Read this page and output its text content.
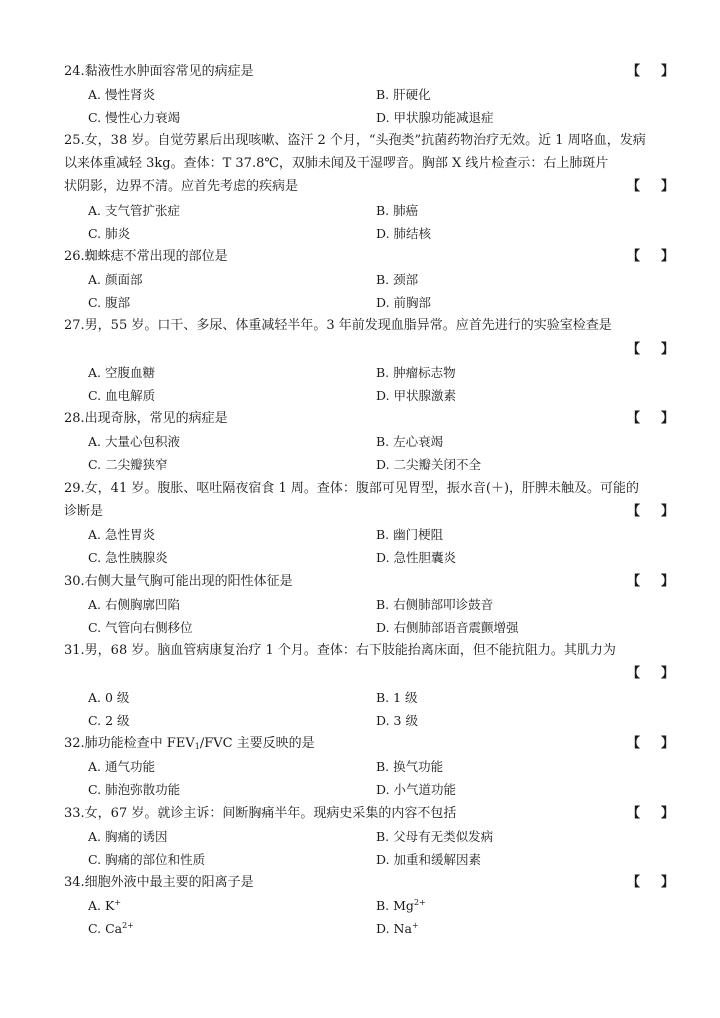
24.黏液性水肿面容常见的病症是	【 】
A. 慢性肾炎	B. 肝硬化
C. 慢性心力衰竭	D. 甲状腺功能减退症
25.女，38 岁。自觉劳累后出现咳嗽、盗汗 2 个月，“头孢类”抗菌药物治疗无效。近 1 周咯血，发病
以来体重减轻 3kg。查体：T 37.8℃，双肺未闻及干湿啰音。胸部 X 线片检查示：右上肺斑片
状阴影，边界不清。应首先考虑的疾病是	【 】
A. 支气管扩张症	B. 肺癌
C. 肺炎	D. 肺结核
26.蜘蛛痣不常出现的部位是	【 】
A. 颜面部	B. 颈部
C. 腹部	D. 前胸部
27.男，55 岁。口干、多尿、体重减轻半年。3 年前发现血脂异常。应首先进行的实验室检查是
【 】
A. 空腹血糖	B. 肿瘤标志物
C. 血电解质	D. 甲状腺激素
28.出现奇脉，常见的病症是	【 】
A. 大量心包积液	B. 左心衰竭
C. 二尖瓣狭窄	D. 二尖瓣关闭不全
29.女，41 岁。腹胀、呕吐隔夜宿食 1 周。查体：腹部可见胃型，振水音(＋)，肝脾未触及。可能的
诊断是	【 】
A. 急性胃炎	B. 幽门梗阻
C. 急性胰腺炎	D. 急性胆囊炎
30.右侧大量气胸可能出现的阳性体征是	【 】
A. 右侧胸廓凹陷	B. 右侧肺部叩诊鼓音
C. 气管向右侧移位	D. 右侧肺部语音震颤增强
31.男，68 岁。脑血管病康复治疗 1 个月。查体：右下肢能抬离床面，但不能抗阻力。其肌力为
【 】
A. 0 级	B. 1 级
C. 2 级	D. 3 级
32.肺功能检查中 $FEV_1$/FVC 主要反映的是	【 】
A. 通气功能	B. 换气功能
C. 肺泡弥散功能	D. 小气道功能
33.女，67 岁。就诊主诉：间断胸痛半年。现病史采集的内容不包括	【 】
A. 胸痛的诱因	B. 父母有无类似发病
C. 胸痛的部位和性质	D. 加重和缓解因素
34.细胞外液中最主要的阳离子是	【 】
A. K+	B. $Mg^{2+}$
C. $Ca^{2+}$	D. Na+
